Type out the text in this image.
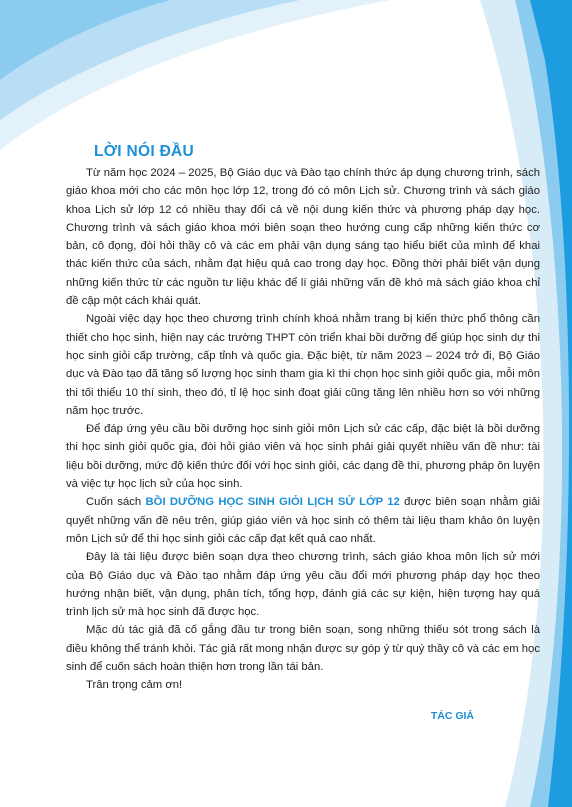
LỜI NÓI ĐẦU

Từ năm học 2024 – 2025, Bộ Giáo dục và Đào tạo chính thức áp dụng chương trình, sách giáo khoa mới cho các môn học lớp 12, trong đó có môn Lịch sử. Chương trình và sách giáo khoa Lịch sử lớp 12 có nhiều thay đổi cả về nội dung kiến thức và phương pháp dạy học. Chương trình và sách giáo khoa mới biên soạn theo hướng cung cấp những kiến thức cơ bản, cô đọng, đòi hỏi thầy cô và các em phải vận dụng sáng tạo hiểu biết của mình để khai thác kiến thức của sách, nhằm đạt hiệu quả cao trong dạy học. Đồng thời phải biết vận dụng những kiến thức từ các nguồn tư liệu khác để lí giải những vấn đề khó mà sách giáo khoa chỉ đề cập một cách khái quát.

Ngoài việc dạy học theo chương trình chính khoá nhằm trang bị kiến thức phổ thông cần thiết cho học sinh, hiện nay các trường THPT còn triển khai bồi dưỡng để giúp học sinh dự thi học sinh giỏi cấp trường, cấp tỉnh và quốc gia. Đặc biệt, từ năm 2023 – 2024 trở đi, Bộ Giáo dục và Đào tạo đã tăng số lượng học sinh tham gia kì thi chọn học sinh giỏi quốc gia, mỗi môn thi tối thiểu 10 thí sinh, theo đó, tỉ lệ học sinh đoạt giải cũng tăng lên nhiều hơn so với những năm học trước.

Để đáp ứng yêu cầu bồi dưỡng học sinh giỏi môn Lịch sử các cấp, đặc biệt là bồi dưỡng thi học sinh giỏi quốc gia, đòi hỏi giáo viên và học sinh phải giải quyết nhiều vấn đề như: tài liệu bồi dưỡng, mức độ kiến thức đối với học sinh giỏi, các dạng đề thi, phương pháp ôn luyện và việc tự học lịch sử của học sinh.

Cuốn sách BỒI DƯỠNG HỌC SINH GIỎI LỊCH SỬ LỚP 12 được biên soạn nhằm giải quyết những vấn đề nêu trên, giúp giáo viên và học sinh có thêm tài liệu tham khảo ôn luyện môn Lịch sử để thi học sinh giỏi các cấp đạt kết quả cao nhất.

Đây là tài liệu được biên soạn dựa theo chương trình, sách giáo khoa môn lịch sử mới của Bộ Giáo dục và Đào tạo nhằm đáp ứng yêu cầu đổi mới phương pháp dạy học theo hướng nhận biết, vận dụng, phân tích, tổng hợp, đánh giá các sự kiện, hiện tượng hay quá trình lịch sử mà học sinh đã được học.

Mặc dù tác giả đã cố gắng đầu tư trong biên soạn, song những thiếu sót trong sách là điều không thể tránh khỏi. Tác giả rất mong nhận được sự góp ý từ quý thầy cô và các em học sinh để cuốn sách hoàn thiện hơn trong lần tái bản.

Trân trọng cảm ơn!

TÁC GIẢ
